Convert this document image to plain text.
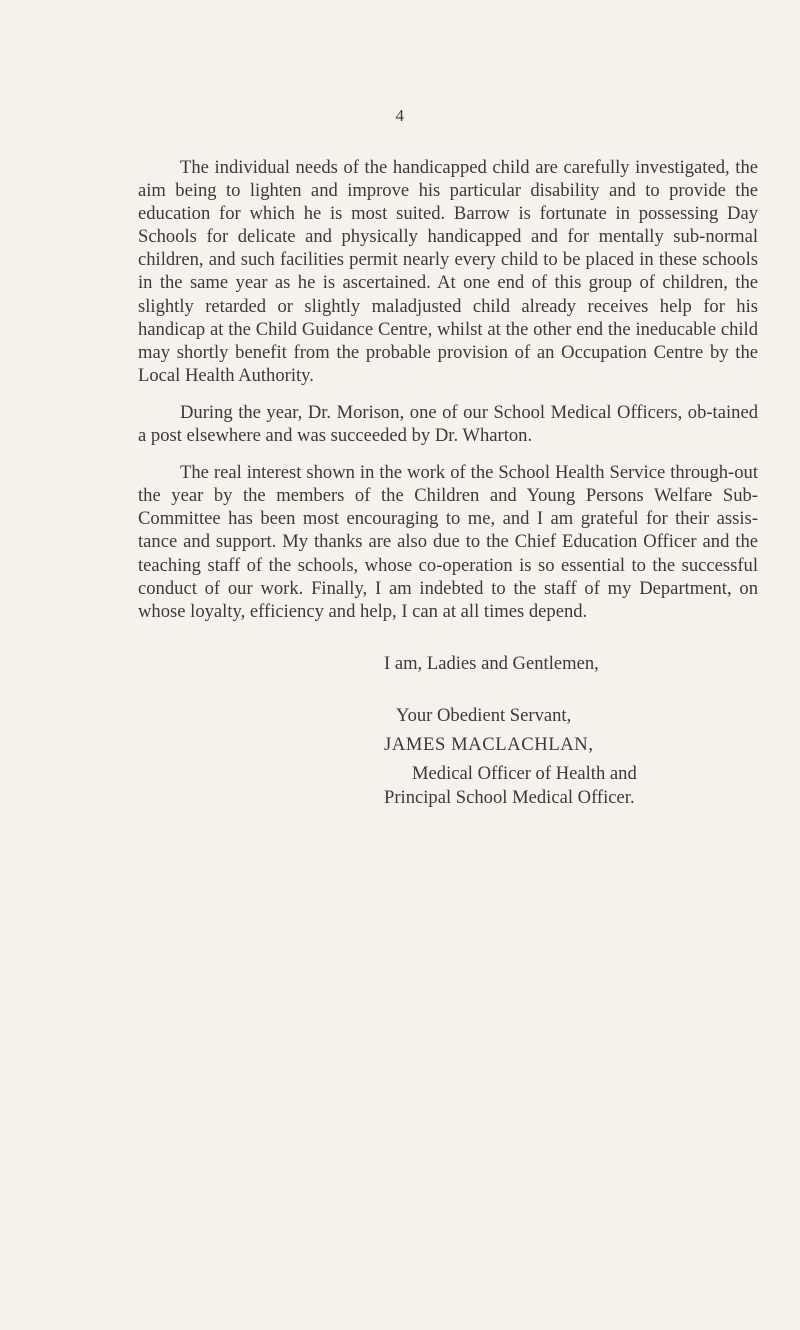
4

The individual needs of the handicapped child are carefully investigated, the aim being to lighten and improve his particular disability and to provide the education for which he is most suited. Barrow is fortunate in possessing Day Schools for delicate and physically handicapped and for mentally sub-normal children, and such facilities permit nearly every child to be placed in these schools in the same year as he is ascertained. At one end of this group of children, the slightly retarded or slightly maladjusted child already receives help for his handicap at the Child Guidance Centre, whilst at the other end the ineducable child may shortly benefit from the probable provision of an Occupation Centre by the Local Health Authority.

During the year, Dr. Morison, one of our School Medical Officers, ob-tained a post elsewhere and was succeeded by Dr. Wharton.

The real interest shown in the work of the School Health Service through-out the year by the members of the Children and Young Persons Welfare Sub-Committee has been most encouraging to me, and I am grateful for their assis-tance and support. My thanks are also due to the Chief Education Officer and the teaching staff of the schools, whose co-operation is so essential to the successful conduct of our work. Finally, I am indebted to the staff of my Department, on whose loyalty, efficiency and help, I can at all times depend.

I am, Ladies and Gentlemen,
Your Obedient Servant,
JAMES MACLACHLAN,
Medical Officer of Health and
Principal School Medical Officer.
